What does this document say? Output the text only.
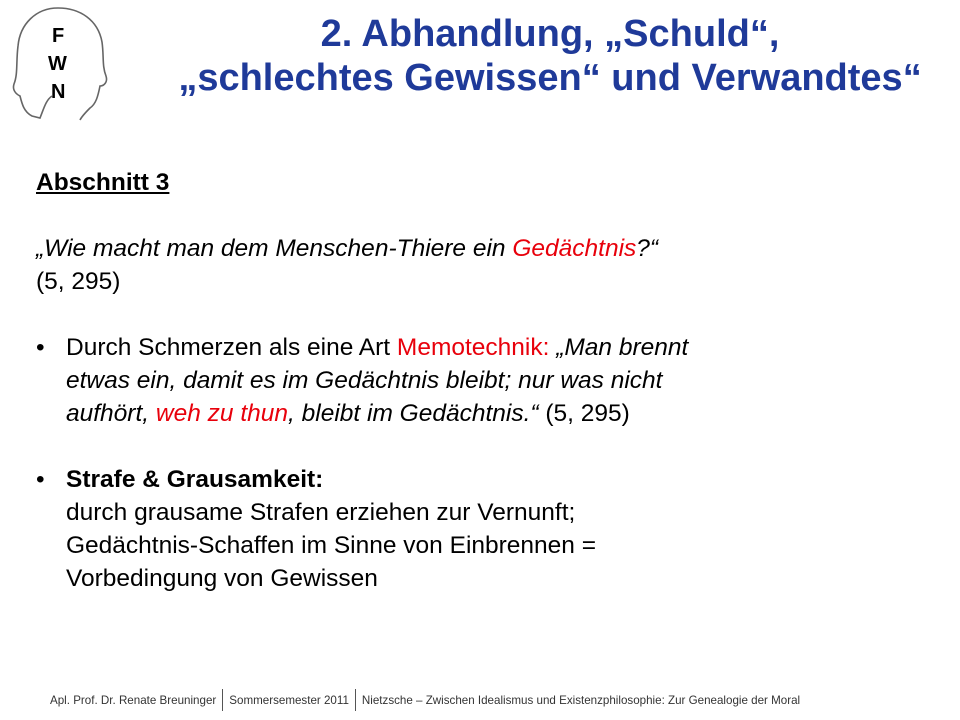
F
W
N
2. Abhandlung, „Schuld“,
„schlechtes Gewissen“ und Verwandtes“
Abschnitt 3
„Wie macht man dem Menschen-Thiere ein Gedächtnis?“
(5, 295)
• Durch Schmerzen als eine Art Memotechnik: „Man brennt
etwas ein, damit es im Gedächtnis bleibt; nur was nicht
aufhört, weh zu thun, bleibt im Gedächtnis.“ (5, 295)
• Strafe & Grausamkeit:
durch grausame Strafen erziehen zur Vernunft;
Gedächtnis-Schaffen im Sinne von Einbrennen =
Vorbedingung von Gewissen
Apl. Prof. Dr. Renate Breuninger Sommersemester 2011 Nietzsche – Zwischen Idealismus und Existenzphilosophie: Zur Genealogie der Moral
